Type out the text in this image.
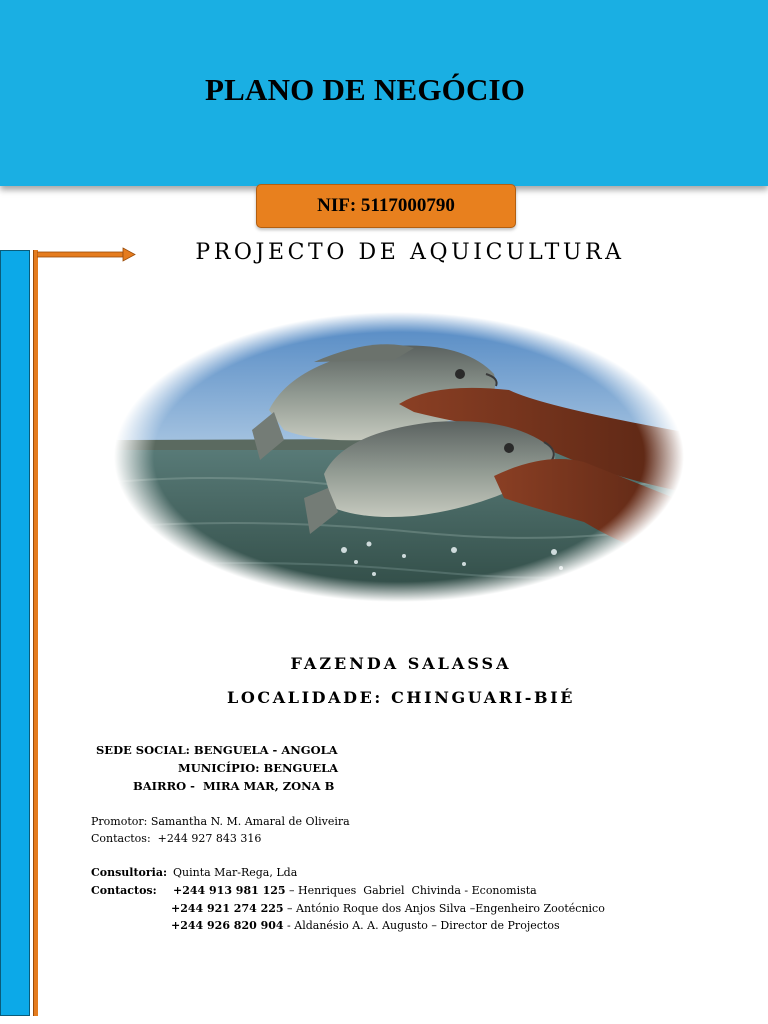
PLANO DE NEGÓCIO
NIF: 5117000790
PROJECTO DE AQUICULTURA

FAZENDA SALASSA

LOCALIDADE: CHINGUARI-BIÉ

SEDE SOCIAL: BENGUELA - ANGOLA
MUNICÍPIO: BENGUELA
BAIRRO -  MIRA MAR, ZONA B
Promotor: Samantha N. M. Amaral de Oliveira
Contactos:  +244 927 843 316
Consultoria: Quinta Mar-Rega, Lda
Contactos: +244 913 981 125 – Henriques  Gabriel  Chivinda - Economista
+244 921 274 225 – António Roque dos Anjos Silva –Engenheiro Zootécnico
+244 926 820 904 - Aldanésio A. A. Augusto – Director de Projectos
